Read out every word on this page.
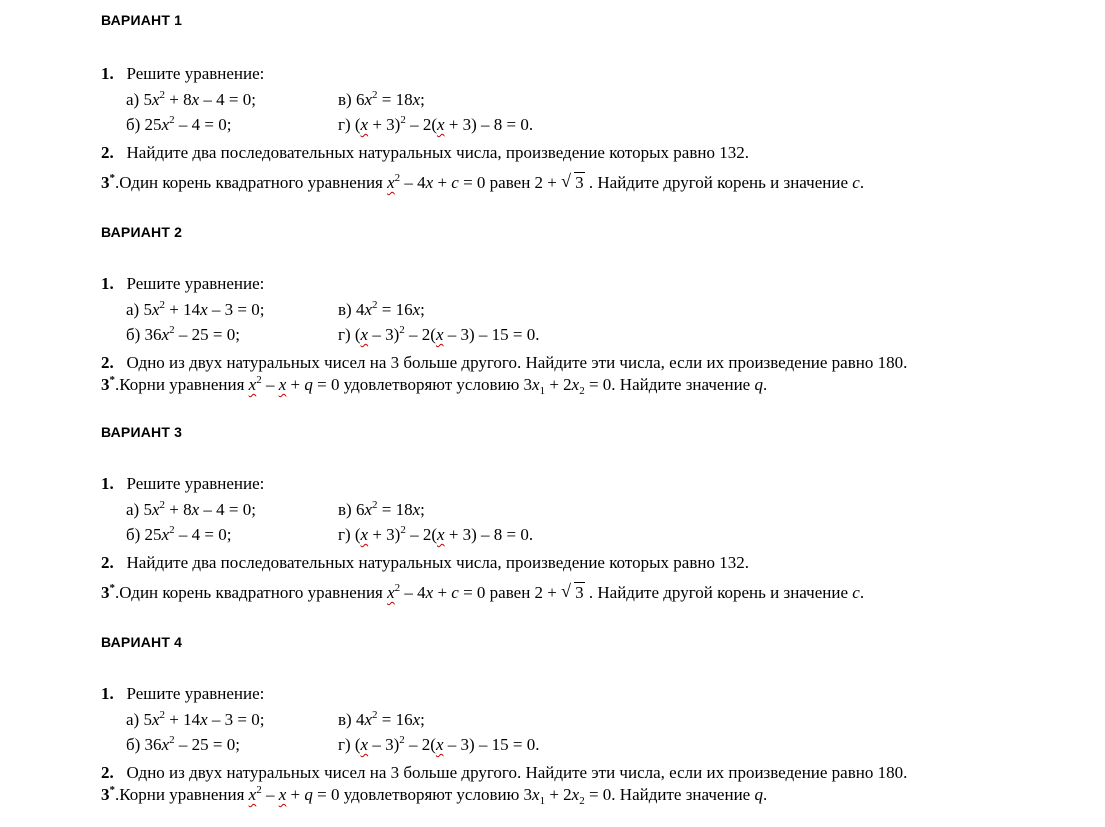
ВАРИАНТ 1
1. Решите уравнение:
а) $5x^2 + 8x - 4 = 0$;	в) $6x^2 = 18x$;
б) $25x^2 - 4 = 0$;	г) $(x + 3)^2 - 2(x + 3) - 8 = 0$.
2. Найдите два последовательных натуральных числа, произведение которых равно 132.
3*.Один корень квадратного уравнения $x^2 - 4x + c = 0$ равен 2 + √ 3 . Найдите другой корень и значение c.
ВАРИАНТ 2
1. Решите уравнение:
а) $5x^2 + 14x - 3 = 0$;	в) $4x^2 = 16x$;
б) $36x^2 - 25 = 0$;	г) (x – 3)$^2$ – 2(x – 3) – 15 = 0.
2. Одно из двух натуральных чисел на 3 больше другого. Найдите эти числа, если их произведение равно 180.
3*.Корни уравнения $x^2 - x + q = 0$ удовлетворяют условию $3x_1 + 2x_2 = 0$. Найдите значение q.
ВАРИАНТ 3
1. Решите уравнение:
а) $5x^2 + 8x - 4 = 0$;	в) $6x^2 = 18x$;
б) $25x^2 - 4 = 0$;	г) $(x + 3)^2 - 2(x + 3) - 8 = 0$.
2. Найдите два последовательных натуральных числа, произведение которых равно 132.
3*.Один корень квадратного уравнения $x^2 - 4x + c = 0$ равен 2 + √ 3 . Найдите другой корень и значение c.
ВАРИАНТ 4
1. Решите уравнение:
а) $5x^2 + 14x - 3 = 0$;	в) $4x^2 = 16x$;
б) $36x^2 - 25 = 0$;	г) (x – 3)$^2$ – 2(x – 3) – 15 = 0.
2. Одно из двух натуральных чисел на 3 больше другого. Найдите эти числа, если их произведение равно 180.
3*.Корни уравнения $x^2 - x + q = 0$ удовлетворяют условию $3x_1 + 2x_2 = 0$. Найдите значение q.
